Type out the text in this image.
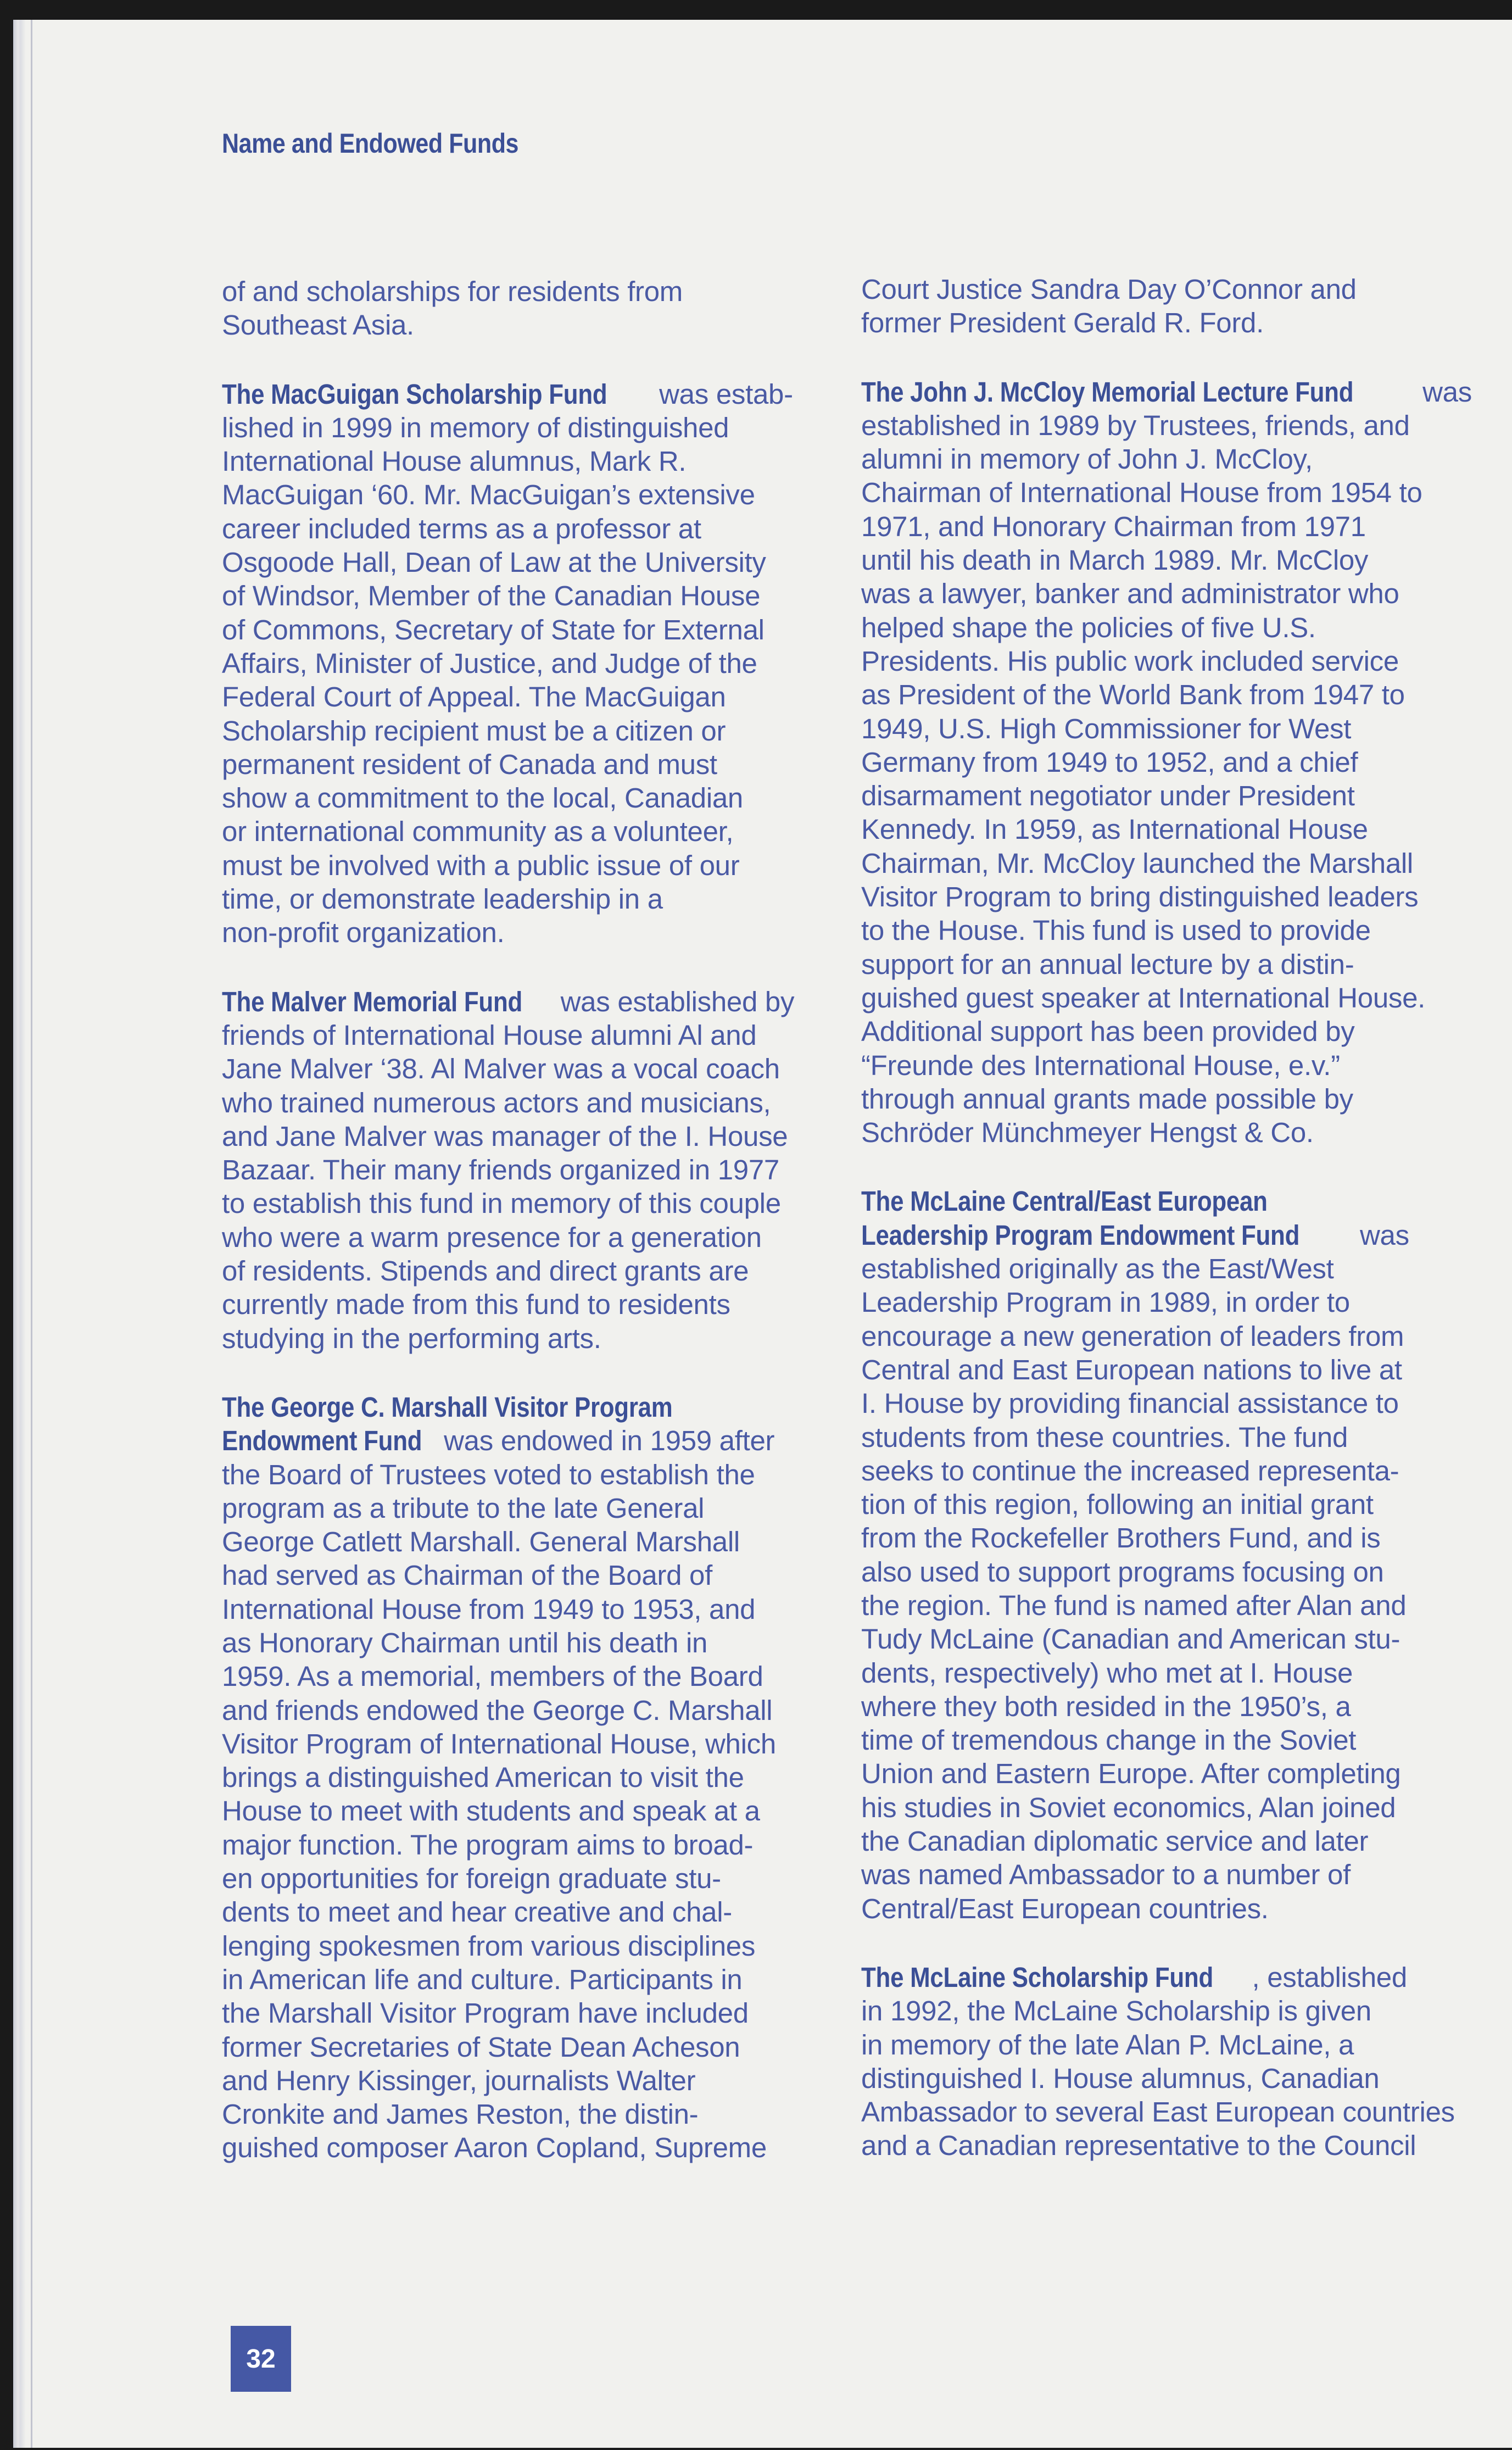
Name and Endowed Funds
of and scholarships for residents from
Southeast Asia.
The MacGuigan Scholarship Fund was estab-
lished in 1999 in memory of distinguished
International House alumnus, Mark R.
MacGuigan ‘60. Mr. MacGuigan’s extensive
career included terms as a professor at
Osgoode Hall, Dean of Law at the University
of Windsor, Member of the Canadian House
of Commons, Secretary of State for External
Affairs, Minister of Justice, and Judge of the
Federal Court of Appeal. The MacGuigan
Scholarship recipient must be a citizen or
permanent resident of Canada and must
show a commitment to the local, Canadian
or international community as a volunteer,
must be involved with a public issue of our
time, or demonstrate leadership in a
non-profit organization.
The Malver Memorial Fund was established by
friends of International House alumni Al and
Jane Malver ‘38. Al Malver was a vocal coach
who trained numerous actors and musicians,
and Jane Malver was manager of the I. House
Bazaar. Their many friends organized in 1977
to establish this fund in memory of this couple
who were a warm presence for a generation
of residents. Stipends and direct grants are
currently made from this fund to residents
studying in the performing arts.
The George C. Marshall Visitor Program
Endowment Fund was endowed in 1959 after
the Board of Trustees voted to establish the
program as a tribute to the late General
George Catlett Marshall. General Marshall
had served as Chairman of the Board of
International House from 1949 to 1953, and
as Honorary Chairman until his death in
1959. As a memorial, members of the Board
and friends endowed the George C. Marshall
Visitor Program of International House, which
brings a distinguished American to visit the
House to meet with students and speak at a
major function. The program aims to broad-
en opportunities for foreign graduate stu-
dents to meet and hear creative and chal-
lenging spokesmen from various disciplines
in American life and culture. Participants in
the Marshall Visitor Program have included
former Secretaries of State Dean Acheson
and Henry Kissinger, journalists Walter
Cronkite and James Reston, the distin-
guished composer Aaron Copland, Supreme
Court Justice Sandra Day O’Connor and
former President Gerald R. Ford.
The John J. McCloy Memorial Lecture Fund was
established in 1989 by Trustees, friends, and
alumni in memory of John J. McCloy,
Chairman of International House from 1954 to
1971, and Honorary Chairman from 1971
until his death in March 1989. Mr. McCloy
was a lawyer, banker and administrator who
helped shape the policies of five U.S.
Presidents. His public work included service
as President of the World Bank from 1947 to
1949, U.S. High Commissioner for West
Germany from 1949 to 1952, and a chief
disarmament negotiator under President
Kennedy. In 1959, as International House
Chairman, Mr. McCloy launched the Marshall
Visitor Program to bring distinguished leaders
to the House. This fund is used to provide
support for an annual lecture by a distin-
guished guest speaker at International House.
Additional support has been provided by
“Freunde des International House, e.v.”
through annual grants made possible by
Schröder Münchmeyer Hengst & Co.
The McLaine Central/East European
Leadership Program Endowment Fund was
established originally as the East/West
Leadership Program in 1989, in order to
encourage a new generation of leaders from
Central and East European nations to live at
I. House by providing financial assistance to
students from these countries. The fund
seeks to continue the increased representa-
tion of this region, following an initial grant
from the Rockefeller Brothers Fund, and is
also used to support programs focusing on
the region. The fund is named after Alan and
Tudy McLaine (Canadian and American stu-
dents, respectively) who met at I. House
where they both resided in the 1950’s, a
time of tremendous change in the Soviet
Union and Eastern Europe. After completing
his studies in Soviet economics, Alan joined
the Canadian diplomatic service and later
was named Ambassador to a number of
Central/East European countries.
The McLaine Scholarship Fund , established
in 1992, the McLaine Scholarship is given
in memory of the late Alan P. McLaine, a
distinguished I. House alumnus, Canadian
Ambassador to several East European countries
and a Canadian representative to the Council
32
